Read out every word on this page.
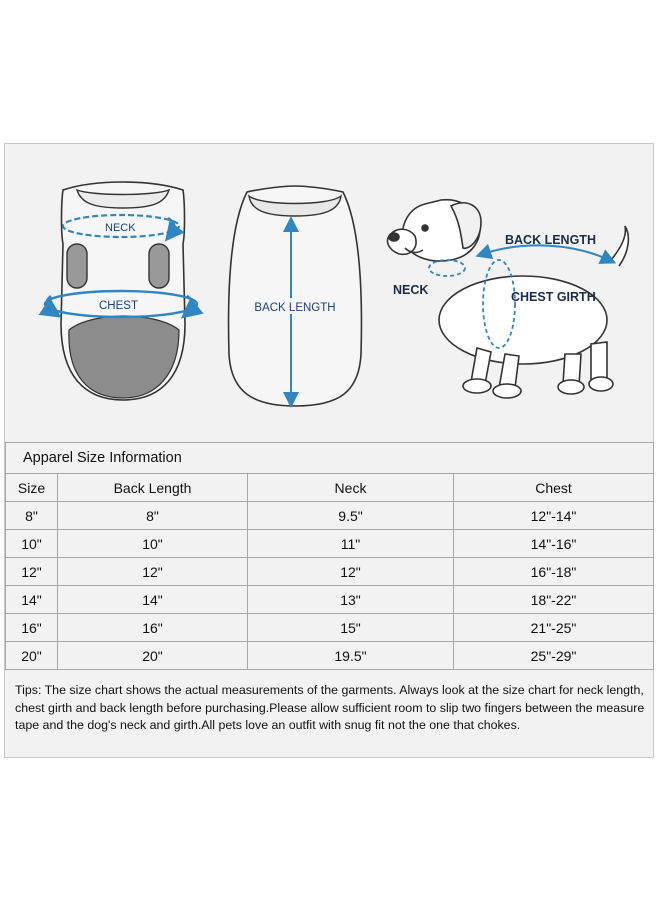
NECK
CHEST	BACK LENGTH
BACK LENGTH
NECK	CHEST GIRTH
Apparel Size Information			
Size	Back Length	Neck	Chest
8"	8"	9.5"	12"-14"
10"	10"	11"	14"-16"
12"	12"	12"	16"-18"
14"	14"	13"	18"-22"
16"	16"	15"	21"-25"
20"	20"	19.5"	25"-29"
Tips: The size chart shows the actual measurements of the garments. Always look at the size chart for neck length, chest girth and back length before purchasing.Please allow sufficient room to slip two fingers between the measure tape and the dog's neck and girth.All pets love an outfit with snug fit not the one that chokes.
